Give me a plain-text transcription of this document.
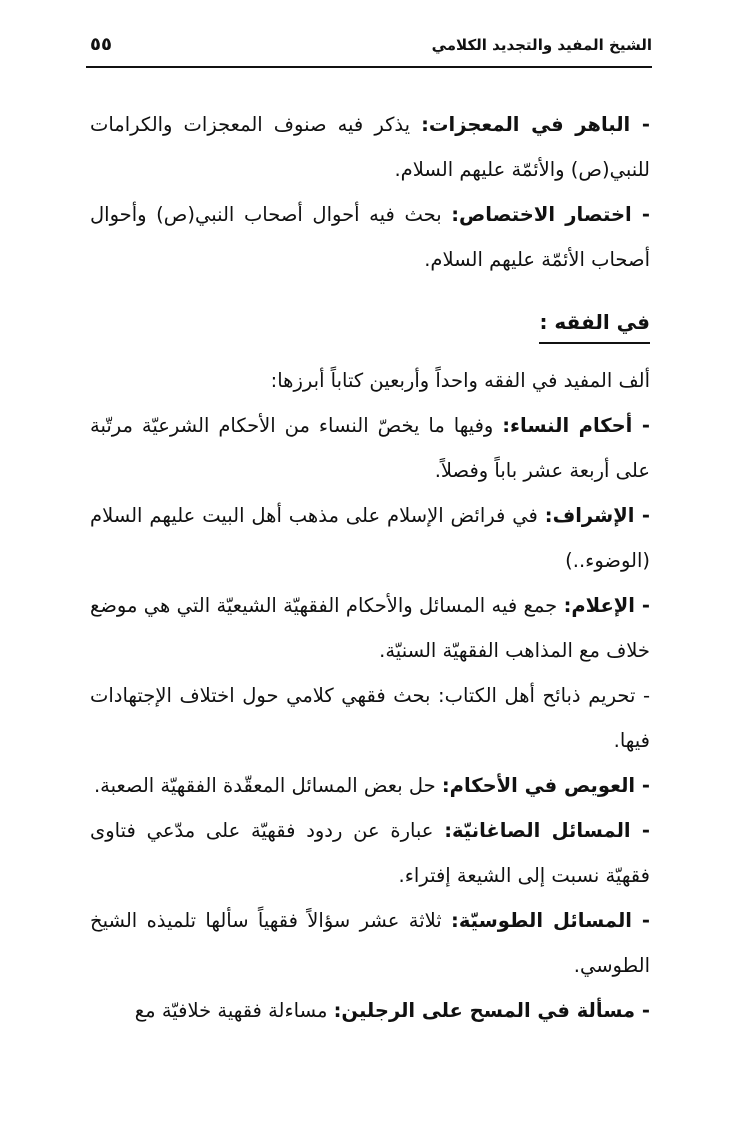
الشيخ المفيد والتجديد الكلامي
٥٥

- الباهر في المعجزات: يذكر فيه صنوف المعجزات والكرامات للنبي(ص) والأئمّة عليهم السلام.

- اختصار الاختصاص: بحث فيه أحوال أصحاب النبي(ص) وأحوال أصحاب الأئمّة عليهم السلام.

في الفقه :

ألف المفيد في الفقه واحداً وأربعين كتاباً أبرزها:

- أحكام النساء: وفيها ما يخصّ النساء من الأحكام الشرعيّة مرتّبة على أربعة عشر باباً وفصلاً.

- الإشراف: في فرائض الإسلام على مذهب أهل البيت عليهم السلام (الوضوء..)

- الإعلام: جمع فيه المسائل والأحكام الفقهيّة الشيعيّة التي هي موضع خلاف مع المذاهب الفقهيّة السنيّة.

- تحريم ذبائح أهل الكتاب: بحث فقهي كلامي حول اختلاف الإجتهادات فيها.

- العويص في الأحكام: حل بعض المسائل المعقّدة الفقهيّة الصعبة.

- المسائل الصاغانيّة: عبارة عن ردود فقهيّة على مدّعي فتاوى فقهيّة نسبت إلى الشيعة إفتراء.

- المسائل الطوسيّة: ثلاثة عشر سؤالاً فقهياً سألها تلميذه الشيخ الطوسي.

- مسألة في المسح على الرجلين: مساءلة فقهية خلافيّة مع
